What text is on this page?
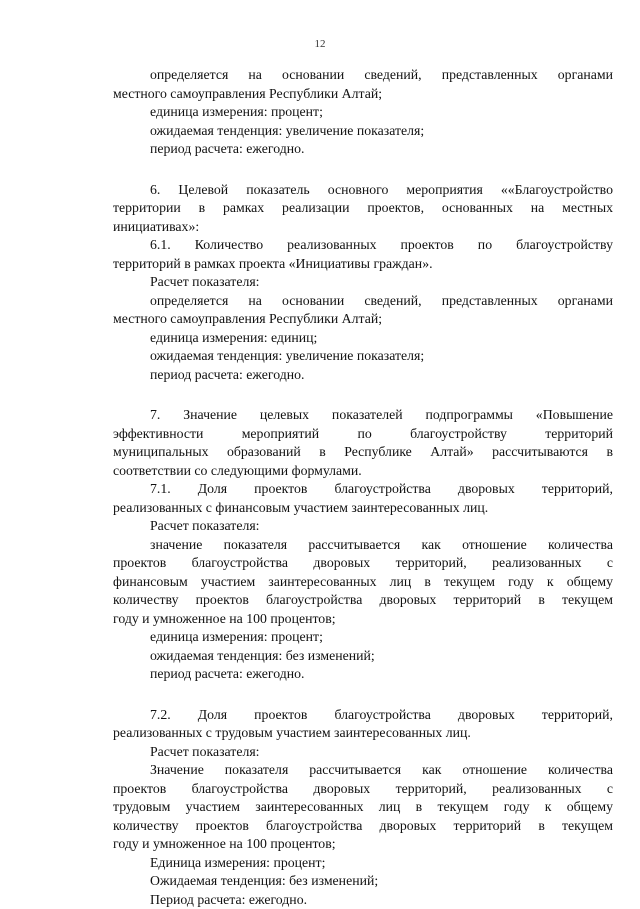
12
определяется на основании сведений, представленных органами
местного самоуправления Республики Алтай;
единица измерения: процент;
ожидаемая тенденция: увеличение показателя;
период расчета: ежегодно.
6. Целевой показатель основного мероприятия ««Благоустройство
территории в рамках реализации проектов, основанных на местных
инициативах»:
6.1. Количество реализованных проектов по благоустройству
территорий в рамках проекта «Инициативы граждан».
Расчет показателя:
определяется на основании сведений, представленных органами
местного самоуправления Республики Алтай;
единица измерения: единиц;
ожидаемая тенденция: увеличение показателя;
период расчета: ежегодно.
7. Значение целевых показателей подпрограммы «Повышение
эффективности мероприятий по благоустройству территорий
муниципальных образований в Республике Алтай» рассчитываются в
соответствии со следующими формулами.
7.1. Доля проектов благоустройства дворовых территорий,
реализованных с финансовым участием заинтересованных лиц.
Расчет показателя:
значение показателя рассчитывается как отношение количества
проектов благоустройства дворовых территорий, реализованных с
финансовым участием заинтересованных лиц в текущем году к общему
количеству проектов благоустройства дворовых территорий в текущем
году и умноженное на 100 процентов;
единица измерения: процент;
ожидаемая тенденция: без изменений;
период расчета: ежегодно.
7.2. Доля проектов благоустройства дворовых территорий,
реализованных с трудовым участием заинтересованных лиц.
Расчет показателя:
Значение показателя рассчитывается как отношение количества
проектов благоустройства дворовых территорий, реализованных с
трудовым участием заинтересованных лиц в текущем году к общему
количеству проектов благоустройства дворовых территорий в текущем
году и умноженное на 100 процентов;
Единица измерения: процент;
Ожидаемая тенденция: без изменений;
Период расчета: ежегодно.
